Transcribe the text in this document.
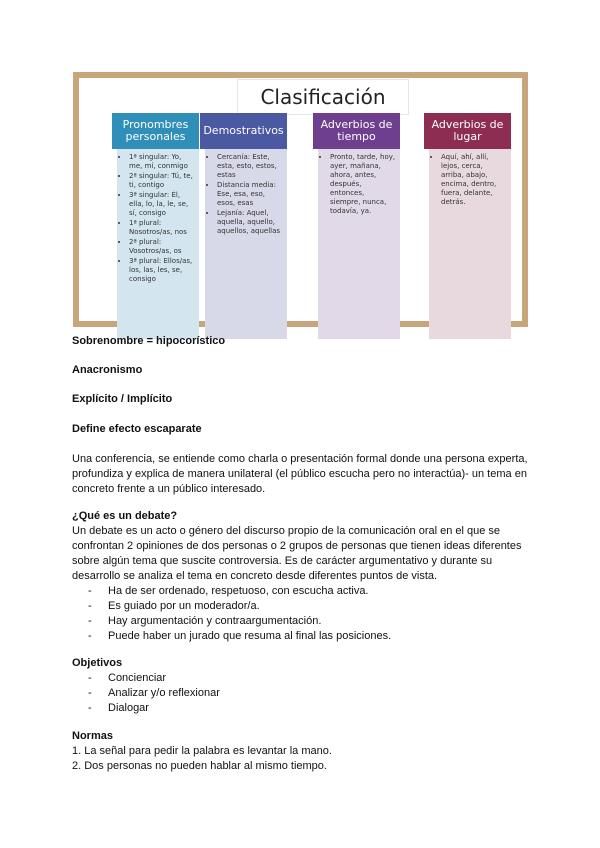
Clasificación
Pronombres personales
• 1ª singular: Yo, me, mí, conmigo
• 2ª singular: Tú, te, ti, contigo
• 3ª singular: Él, ella, lo, la, le, se, sí, consigo
• 1ª plural: Nosotros/as, nos
• 2ª plural: Vosotros/as, os
• 3ª plural: Ellos/as, los, las, les, se, consigo
Demostrativos
• Cercanía: Este, esta, esto, estos, estas
• Distancia media: Ese, esa, eso, esos, esas
• Lejanía: Aquel, aquella, aquello, aquellos, aquellas
Adverbios de tiempo
• Pronto, tarde, hoy, ayer, mañana, ahora, antes, después, entonces, siempre, nunca, todavía, ya.
Adverbios de lugar
• Aquí, ahí, allí, lejos, cerca, arriba, abajo, encima, dentro, fuera, delante, detrás.
Sobrenombre = hipocorístico
Anacronismo
Explícito / Implícito
Define efecto escaparate
Una conferencia, se entiende como charla o presentación formal donde una persona experta,
profundiza y explica de manera unilateral (el público escucha pero no interactúa)- un tema en
concreto frente a un público interesado.
¿Qué es un debate?
Un debate es un acto o género del discurso propio de la comunicación oral en el que se
confrontan 2 opiniones de dos personas o 2 grupos de personas que tienen ideas diferentes
sobre algún tema que suscite controversia. Es de carácter argumentativo y durante su
desarrollo se analiza el tema en concreto desde diferentes puntos de vista.
- Ha de ser ordenado, respetuoso, con escucha activa.
- Es guiado por un moderador/a.
- Hay argumentación y contraargumentación.
- Puede haber un jurado que resuma al final las posiciones.
Objetivos
- Concienciar
- Analizar y/o reflexionar
- Dialogar
Normas
1. La señal para pedir la palabra es levantar la mano.
2. Dos personas no pueden hablar al mismo tiempo.
